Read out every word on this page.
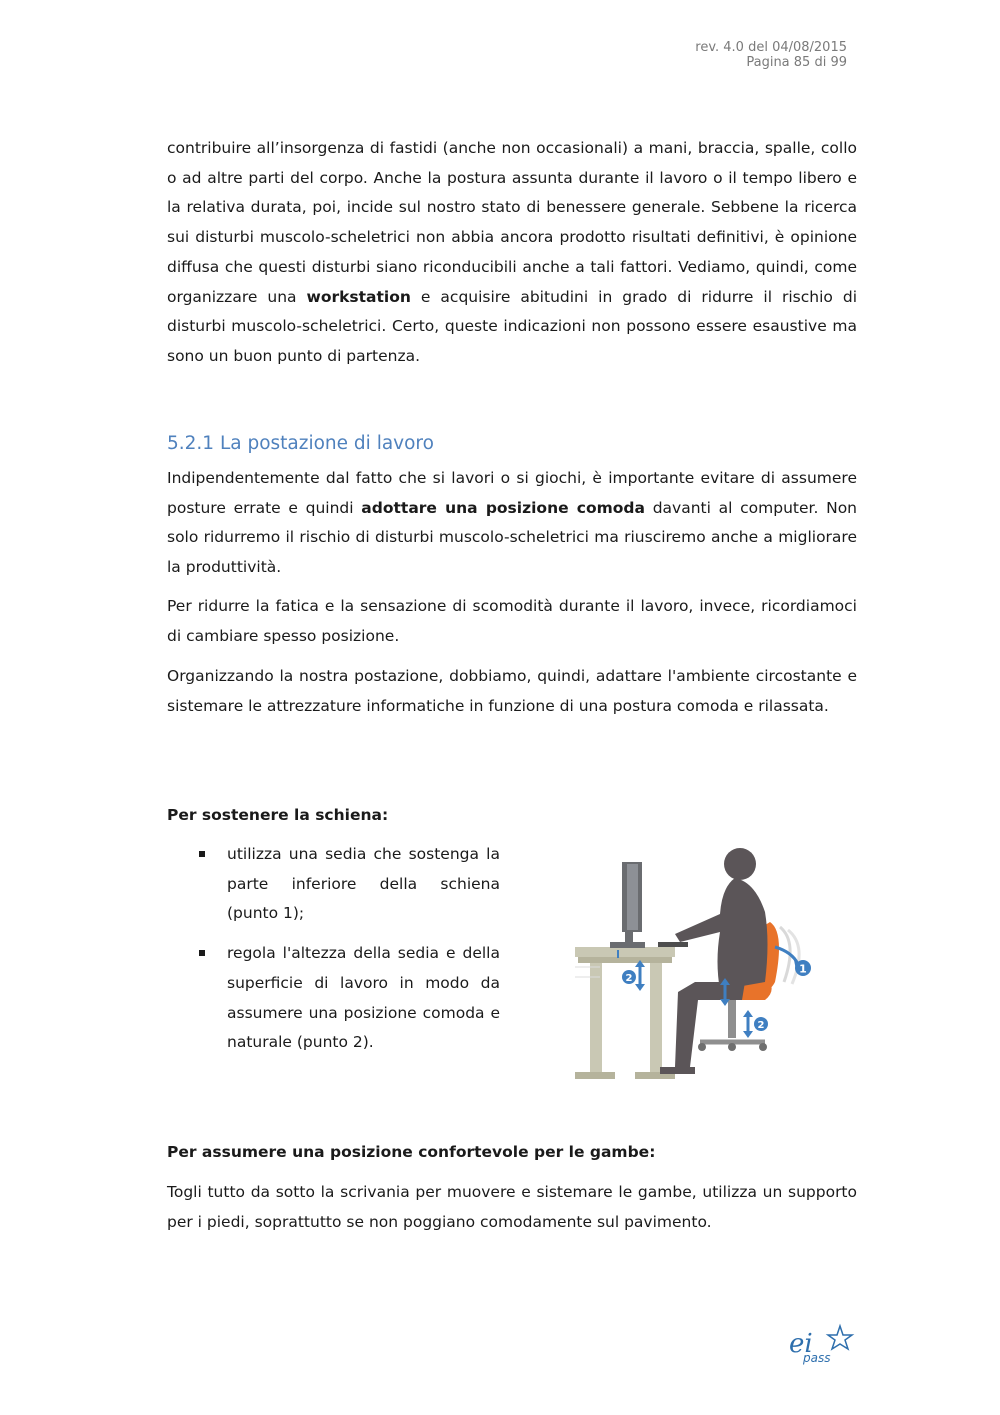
rev. 4.0 del 04/08/2015
Pagina 85 di 99

contribuire all’insorgenza di fastidi (anche non occasionali) a mani, braccia, spalle, collo o ad altre parti del corpo. Anche la postura assunta durante il lavoro o il tempo libero e la relativa durata, poi, incide sul nostro stato di benessere generale. Sebbene la ricerca sui disturbi muscolo-scheletrici non abbia ancora prodotto risultati definitivi, è opinione diffusa che questi disturbi siano riconducibili anche a tali fattori. Vediamo, quindi, come organizzare una workstation e acquisire abitudini in grado di ridurre il rischio di disturbi muscolo-scheletrici. Certo, queste indicazioni non possono essere esaustive ma sono un buon punto di partenza.

5.2.1 La postazione di lavoro

Indipendentemente dal fatto che si lavori o si giochi, è importante evitare di assumere posture errate e quindi adottare una posizione comoda davanti al computer. Non solo ridurremo il rischio di disturbi muscolo-scheletrici ma riusciremo anche a migliorare la produttività.

Per ridurre la fatica e la sensazione di scomodità durante il lavoro, invece, ricordiamoci di cambiare spesso posizione.

Organizzando la nostra postazione, dobbiamo, quindi, adattare l'ambiente circostante e sistemare le attrezzature informatiche in funzione di una postura comoda e rilassata.

Per sostenere la schiena:

utilizza una sedia che sostenga la parte inferiore della schiena (punto 1);

regola l'altezza della sedia e della superficie di lavoro in modo da assumere una posizione comoda e naturale (punto 2).

Per assumere una posizione confortevole per le gambe:

Togli tutto da sotto la scrivania per muovere e sistemare le gambe, utilizza un supporto per i piedi, soprattutto se non poggiano comodamente sul pavimento.

1
2
2
ei
pass
